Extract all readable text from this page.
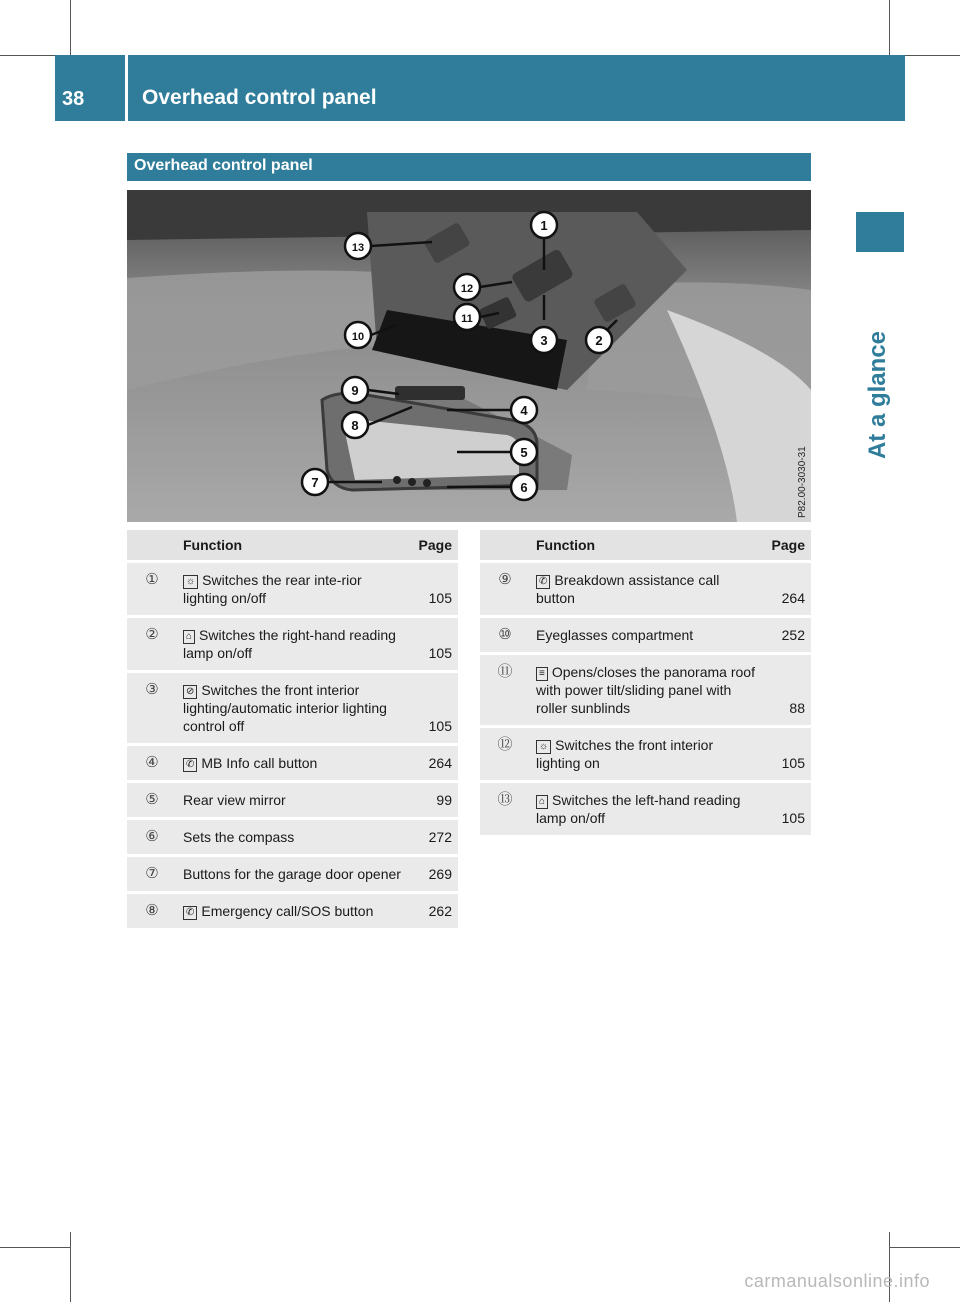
38	Overhead control panel
At a glance
Overhead control panel
1
2
3
4
5
6
7
8
9
10
11
12
13
P82.00-3030-31
	Function	Page
①	☼ Switches the rear inte-rior lighting on/off	105
②	⌂ Switches the right-hand reading lamp on/off	105
③	⊘ Switches the front interior lighting/automatic interior lighting control off	105
④	✆ MB Info call button	264
⑤	Rear view mirror	99
⑥	Sets the compass	272
⑦	Buttons for the garage door opener	269
⑧	✆ Emergency call/SOS button	262
	Function	Page
⑨	✆ Breakdown assistance call button	264
⑩	Eyeglasses compartment	252
⑪	≡ Opens/closes the panorama roof with power tilt/sliding panel with roller sunblinds	88
⑫	☼ Switches the front interior lighting on	105
⑬	⌂ Switches the left-hand reading lamp on/off	105
carmanualsonline.info
